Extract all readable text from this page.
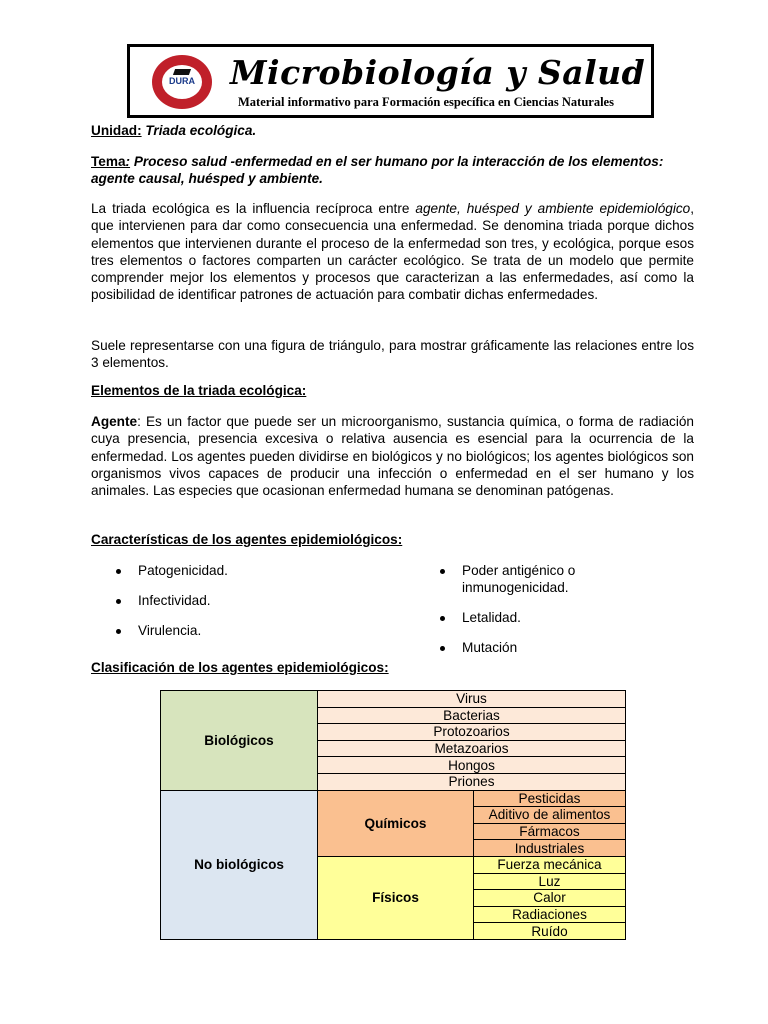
DURA Microbiología y Salud
Material informativo para Formación específica en Ciencias Naturales
Unidad: Triada ecológica.
Tema: Proceso salud -enfermedad en el ser humano por la interacción de los elementos:
agente causal, huésped y ambiente.
La triada ecológica es la influencia recíproca entre agente, huésped y ambiente epidemiológico, que intervienen para dar como consecuencia una enfermedad. Se denomina triada porque dichos elementos que intervienen durante el proceso de la enfermedad son tres, y ecológica, porque esos tres elementos o factores comparten un carácter ecológico. Se trata de un modelo que permite comprender mejor los elementos y procesos que caracterizan a las enfermedades, así como la posibilidad de identificar patrones de actuación para combatir dichas enfermedades.
Suele representarse con una figura de triángulo, para mostrar gráficamente las relaciones entre los 3 elementos.
Elementos de la triada ecológica:
Agente: Es un factor que puede ser un microorganismo, sustancia química, o forma de radiación cuya presencia, presencia excesiva o relativa ausencia es esencial para la ocurrencia de la enfermedad. Los agentes pueden dividirse en biológicos y no biológicos; los agentes biológicos son organismos vivos capaces de producir una infección o enfermedad en el ser humano y los animales. Las especies que ocasionan enfermedad humana se denominan patógenas.
Características de los agentes epidemiológicos:
Patogenicidad.
Infectividad.
Virulencia.
Poder antigénico o
inmunogenicidad.
Letalidad.
Mutación
Clasificación de los agentes epidemiológicos:
Biológicos	Virus	
	Bacterias	
	Protozoarios	
	Metazoarios	
	Hongos	
	Priones	
No biológicos	Químicos	Pesticidas
		Aditivo de alimentos
		Fármacos
		Industriales
	Físicos	Fuerza mecánica
		Luz
		Calor
		Radiaciones
		Ruído
